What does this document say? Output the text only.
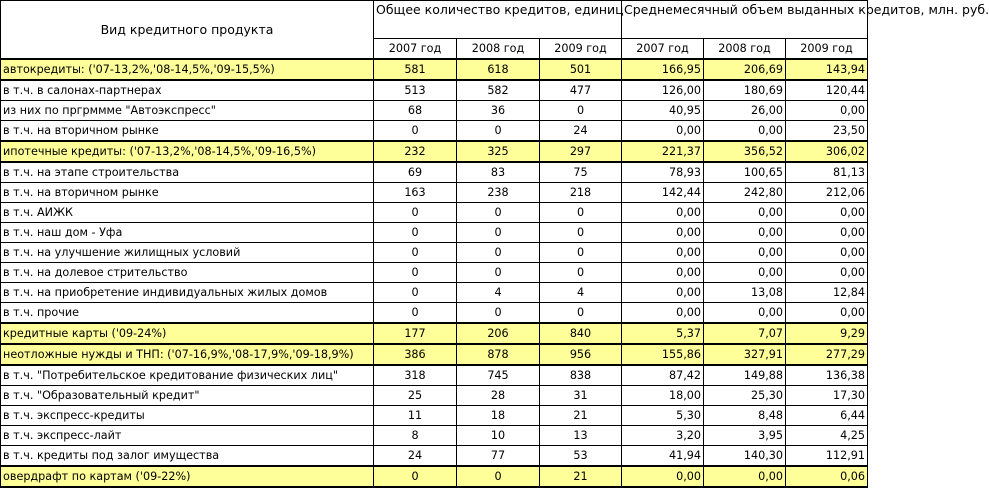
Вид кредитного продукта	Общее количество кредитов, единиц			Среднемесячный объем выданных кредитов, млн. руб.		
	2007 год	2008 год	2009 год	2007 год	2008 год	2009 год
автокредиты: ('07-13,2%,'08-14,5%,'09-15,5%)	581	618	501	166,95	206,69	143,94
в т.ч. в салонах-партнерах	513	582	477	126,00	180,69	120,44
из них по пргрммме "Автоэкспресс"	68	36	0	40,95	26,00	0,00
в т.ч. на вторичном рынке	0	0	24	0,00	0,00	23,50
ипотечные кредиты: ('07-13,2%,'08-14,5%,'09-16,5%)	232	325	297	221,37	356,52	306,02
в т.ч. на этапе строительства	69	83	75	78,93	100,65	81,13
в т.ч. на вторичном рынке	163	238	218	142,44	242,80	212,06
в т.ч. АИЖК	0	0	0	0,00	0,00	0,00
в т.ч. наш дом - Уфа	0	0	0	0,00	0,00	0,00
в т.ч. на улучшение жилищных условий	0	0	0	0,00	0,00	0,00
в т.ч. на долевое стрительство	0	0	0	0,00	0,00	0,00
в т.ч. на приобретение индивидуальных жилых домов	0	4	4	0,00	13,08	12,84
в т.ч. прочие	0	0	0	0,00	0,00	0,00
кредитные карты ('09-24%)	177	206	840	5,37	7,07	9,29
неотложные нужды и ТНП: ('07-16,9%,'08-17,9%,'09-18,9%)	386	878	956	155,86	327,91	277,29
в т.ч. "Потребительское кредитование физических лиц"	318	745	838	87,42	149,88	136,38
в т.ч. "Образовательный кредит"	25	28	31	18,00	25,30	17,30
в т.ч. экспресс-кредиты	11	18	21	5,30	8,48	6,44
в т.ч. экспресс-лайт	8	10	13	3,20	3,95	4,25
в т.ч. кредиты под залог имущества	24	77	53	41,94	140,30	112,91
овердрафт по картам ('09-22%)	0	0	21	0,00	0,00	0,06
